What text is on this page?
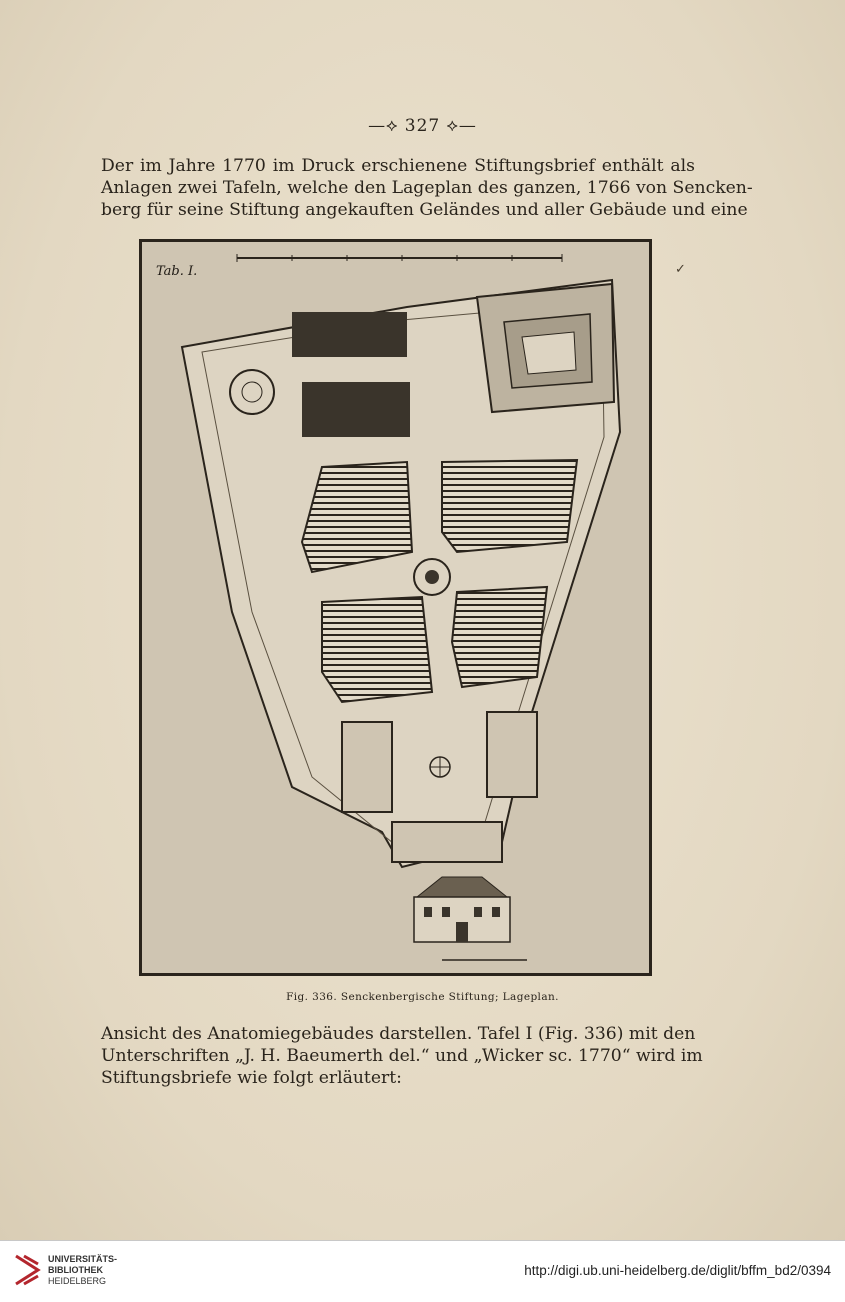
—⟡ 327 ⟡—
Der im Jahre 1770 im Druck erschienene Stiftungsbrief enthält als
Anlagen zwei Tafeln, welche den Lageplan des ganzen, 1766 von Sencken-
berg für seine Stiftung angekauften Geländes und aller Gebäude und eine
✓
Tab. I.
Fig. 336. Senckenbergische Stiftung; Lageplan.
Ansicht des Anatomiegebäudes darstellen. Tafel I (Fig. 336) mit den
Unterschriften „J. H. Baeumerth del.“ und „Wicker sc. 1770“ wird im
Stiftungsbriefe wie folgt erläutert:
UNIVERSITÄTS-
BIBLIOTHEK
HEIDELBERG
http://digi.ub.uni-heidelberg.de/diglit/bffm_bd2/0394
